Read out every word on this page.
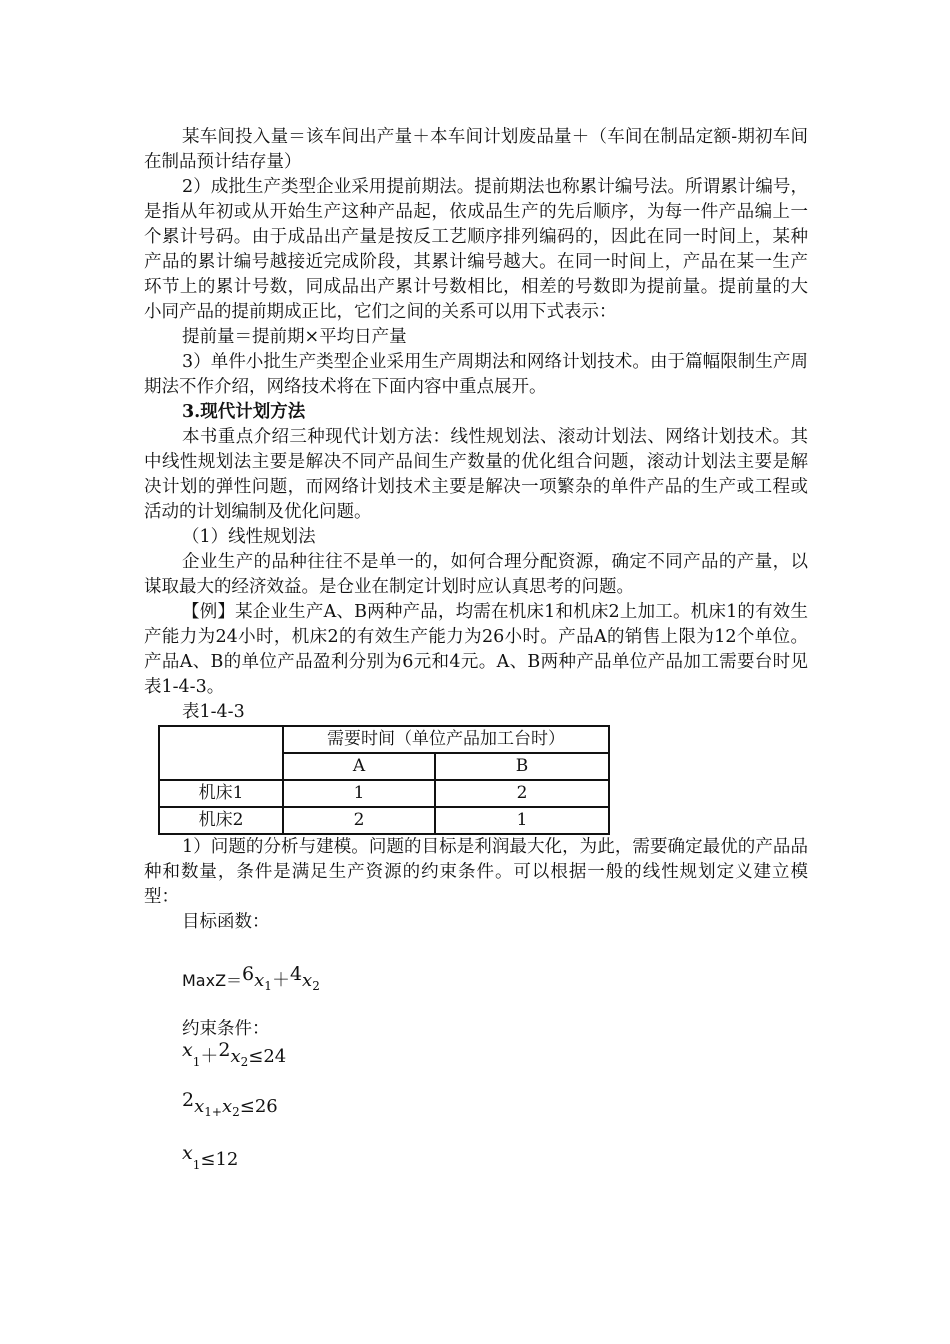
某车间投入量＝该车间出产量＋本车间计划废品量＋（车间在制品定额-期初车间在制品预计结存量）

2）成批生产类型企业采用提前期法。提前期法也称累计编号法。所谓累计编号，是指从年初或从开始生产这种产品起，依成品生产的先后顺序，为每一件产品编上一个累计号码。由于成品出产量是按反工艺顺序排列编码的，因此在同一时间上，某种产品的累计编号越接近完成阶段，其累计编号越大。在同一时间上，产品在某一生产环节上的累计号数，同成品出产累计号数相比，相差的号数即为提前量。提前量的大小同产品的提前期成正比，它们之间的关系可以用下式表示：

提前量＝提前期×平均日产量

3）单件小批生产类型企业采用生产周期法和网络计划技术。由于篇幅限制生产周期法不作介绍，网络技术将在下面内容中重点展开。

3.现代计划方法

本书重点介绍三种现代计划方法：线性规划法、滚动计划法、网络计划技术。其中线性规划法主要是解决不同产品间生产数量的优化组合问题，滚动计划法主要是解决计划的弹性问题，而网络计划技术主要是解决一项繁杂的单件产品的生产或工程或活动的计划编制及优化问题。

（1）线性规划法

企业生产的品种往往不是单一的，如何合理分配资源，确定不同产品的产量，以谋取最大的经济效益。是仓业在制定计划时应认真思考的问题。

【例】某企业生产A、B两种产品，均需在机床1和机床2上加工。机床1的有效生产能力为24小时，机床2的有效生产能力为26小时。产品A的销售上限为12个单位。产品A、B的单位产品盈利分别为6元和4元。A、B两种产品单位产品加工需要台时见表1-4-3。

表1-4-3

	需要时间（单位产品加工台时）	
	A	B
机床1	1	2
机床2	2	1

1）问题的分析与建模。问题的目标是利润最大化，为此，需要确定最优的产品品种和数量，条件是满足生产资源的约束条件。可以根据一般的线性规划定义建立模型：

目标函数：

$MaxZ=6x_1+4x_2$
约束条件：
$x_1+2x_2\le 24$
$2x_{1+}x_2\le 26$
$x_1\le 12$
